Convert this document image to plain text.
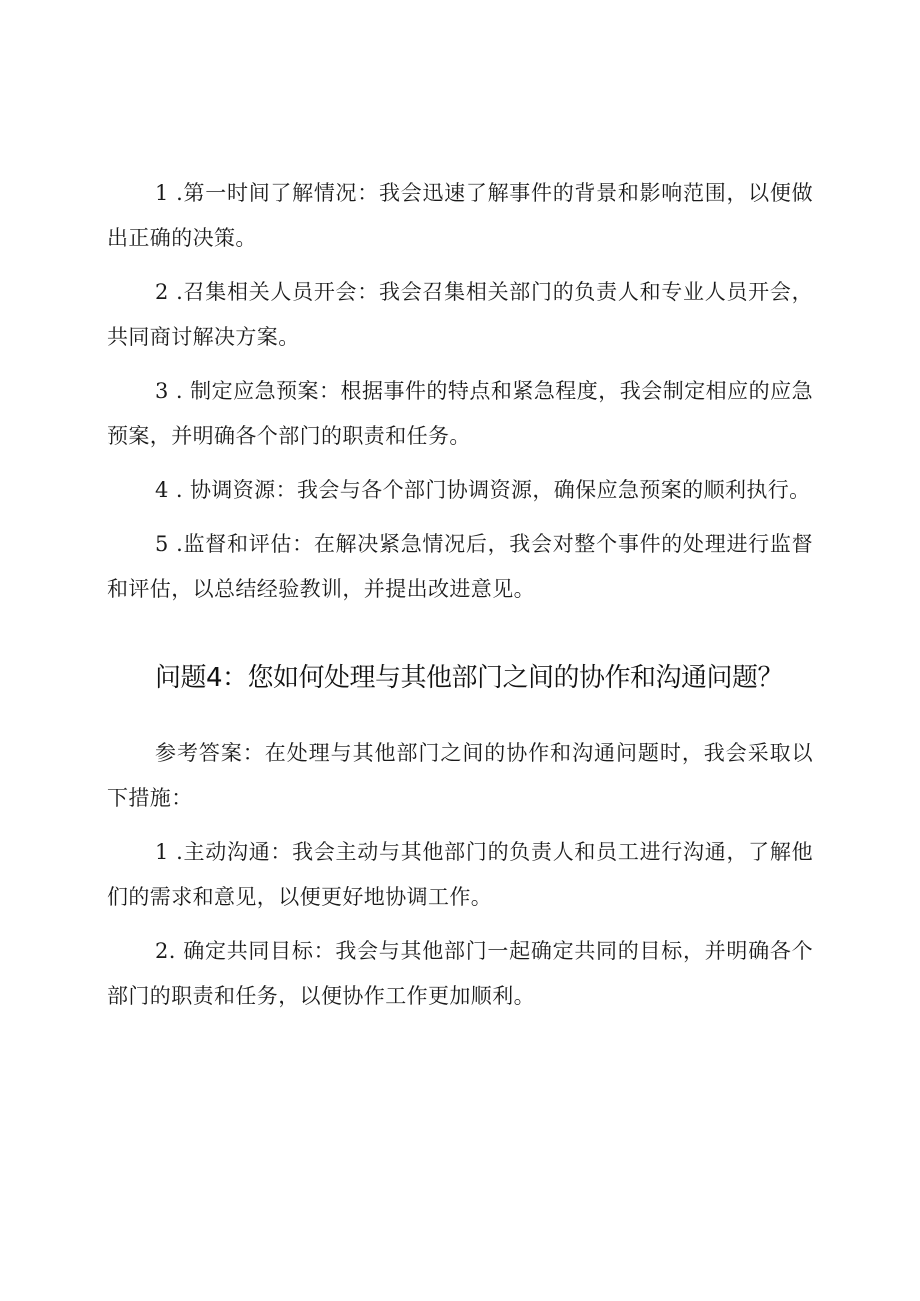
1 .第一时间了解情况：我会迅速了解事件的背景和影响范围，以便做出正确的决策。

2 .召集相关人员开会：我会召集相关部门的负责人和专业人员开会，共同商讨解决方案。

3 . 制定应急预案：根据事件的特点和紧急程度，我会制定相应的应急预案，并明确各个部门的职责和任务。

4 . 协调资源：我会与各个部门协调资源，确保应急预案的顺利执行。

5 .监督和评估：在解决紧急情况后，我会对整个事件的处理进行监督和评估，以总结经验教训，并提出改进意见。

问题4：您如何处理与其他部门之间的协作和沟通问题？

参考答案：在处理与其他部门之间的协作和沟通问题时，我会采取以下措施：

1 .主动沟通：我会主动与其他部门的负责人和员工进行沟通，了解他们的需求和意见，以便更好地协调工作。

2. 确定共同目标：我会与其他部门一起确定共同的目标，并明确各个部门的职责和任务，以便协作工作更加顺利。
